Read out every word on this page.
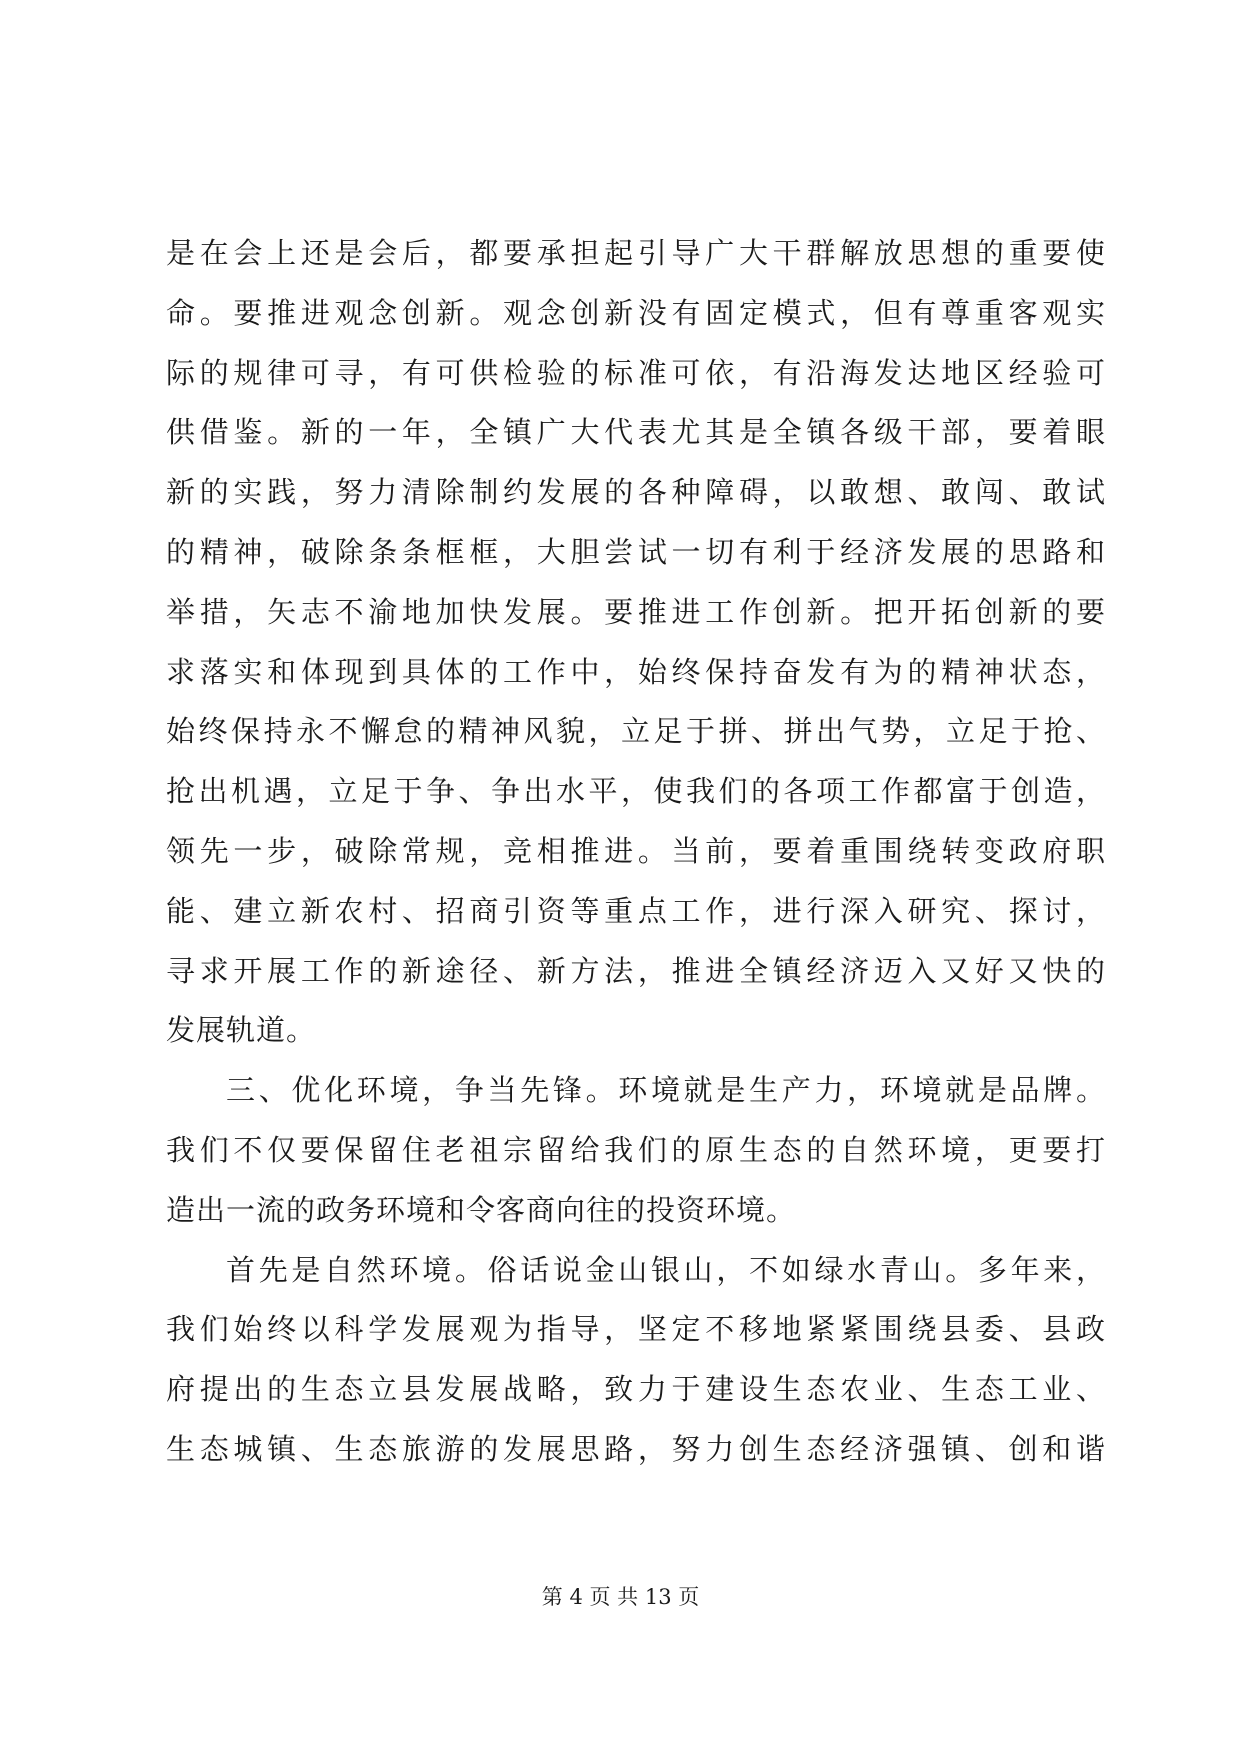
是在会上还是会后，都要承担起引导广大干群解放思想的重要使
命。要推进观念创新。观念创新没有固定模式，但有尊重客观实
际的规律可寻，有可供检验的标准可依，有沿海发达地区经验可
供借鉴。新的一年，全镇广大代表尤其是全镇各级干部，要着眼
新的实践，努力清除制约发展的各种障碍，以敢想、敢闯、敢试
的精神，破除条条框框，大胆尝试一切有利于经济发展的思路和
举措，矢志不渝地加快发展。要推进工作创新。把开拓创新的要
求落实和体现到具体的工作中，始终保持奋发有为的精神状态，
始终保持永不懈怠的精神风貌，立足于拼、拼出气势，立足于抢、
抢出机遇，立足于争、争出水平，使我们的各项工作都富于创造，
领先一步，破除常规，竞相推进。当前，要着重围绕转变政府职
能、建立新农村、招商引资等重点工作，进行深入研究、探讨，
寻求开展工作的新途径、新方法，推进全镇经济迈入又好又快的
发展轨道。
三、优化环境，争当先锋。环境就是生产力，环境就是品牌。
我们不仅要保留住老祖宗留给我们的原生态的自然环境，更要打
造出一流的政务环境和令客商向往的投资环境。
首先是自然环境。俗话说金山银山，不如绿水青山。多年来，
我们始终以科学发展观为指导，坚定不移地紧紧围绕县委、县政
府提出的生态立县发展战略，致力于建设生态农业、生态工业、
生态城镇、生态旅游的发展思路，努力创生态经济强镇、创和谐
第 4 页 共 13 页
